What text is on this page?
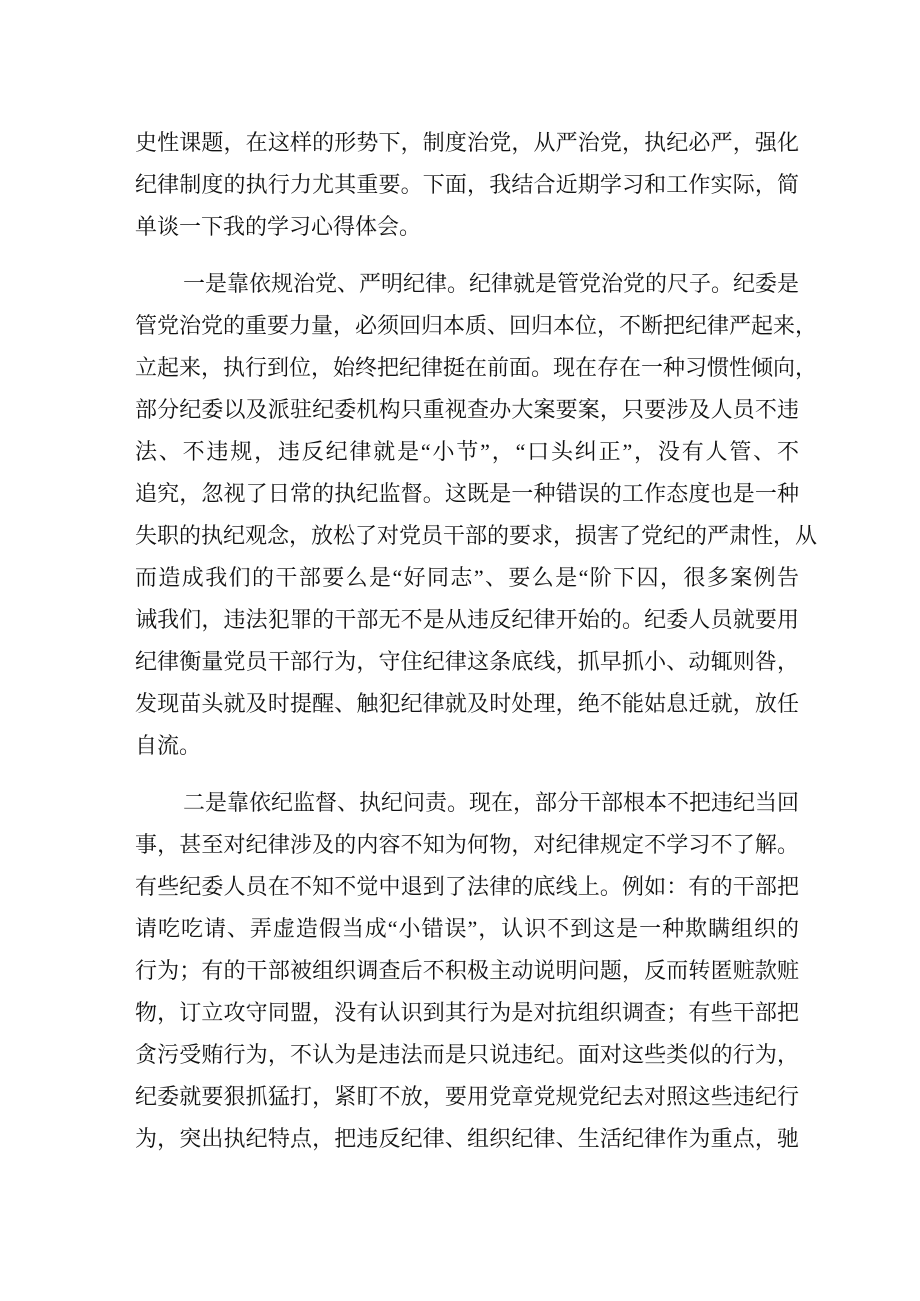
史性课题，在这样的形势下，制度治党，从严治党，执纪必严，强化
纪律制度的执行力尤其重要。下面，我结合近期学习和工作实际，简
单谈一下我的学习心得体会。
一是靠依规治党、严明纪律。纪律就是管党治党的尺子。纪委是
管党治党的重要力量，必须回归本质、回归本位，不断把纪律严起来，
立起来，执行到位，始终把纪律挺在前面。现在存在一种习惯性倾向，
部分纪委以及派驻纪委机构只重视查办大案要案，只要涉及人员不违
法、不违规，违反纪律就是“小节”，“口头纠正”，没有人管、不
追究，忽视了日常的执纪监督。这既是一种错误的工作态度也是一种
失职的执纪观念，放松了对党员干部的要求，损害了党纪的严肃性，从
而造成我们的干部要么是“好同志”、要么是“阶下囚，很多案例告
诫我们，违法犯罪的干部无不是从违反纪律开始的。纪委人员就要用
纪律衡量党员干部行为，守住纪律这条底线，抓早抓小、动辄则咎，
发现苗头就及时提醒、触犯纪律就及时处理，绝不能姑息迁就，放任
自流。
二是靠依纪监督、执纪问责。现在，部分干部根本不把违纪当回
事，甚至对纪律涉及的内容不知为何物，对纪律规定不学习不了解。
有些纪委人员在不知不觉中退到了法律的底线上。例如：有的干部把
请吃吃请、弄虚造假当成“小错误”，认识不到这是一种欺瞒组织的
行为；有的干部被组织调查后不积极主动说明问题，反而转匿赃款赃
物，订立攻守同盟，没有认识到其行为是对抗组织调查；有些干部把
贪污受贿行为，不认为是违法而是只说违纪。面对这些类似的行为，
纪委就要狠抓猛打，紧盯不放，要用党章党规党纪去对照这些违纪行
为，突出执纪特点，把违反纪律、组织纪律、生活纪律作为重点，驰
